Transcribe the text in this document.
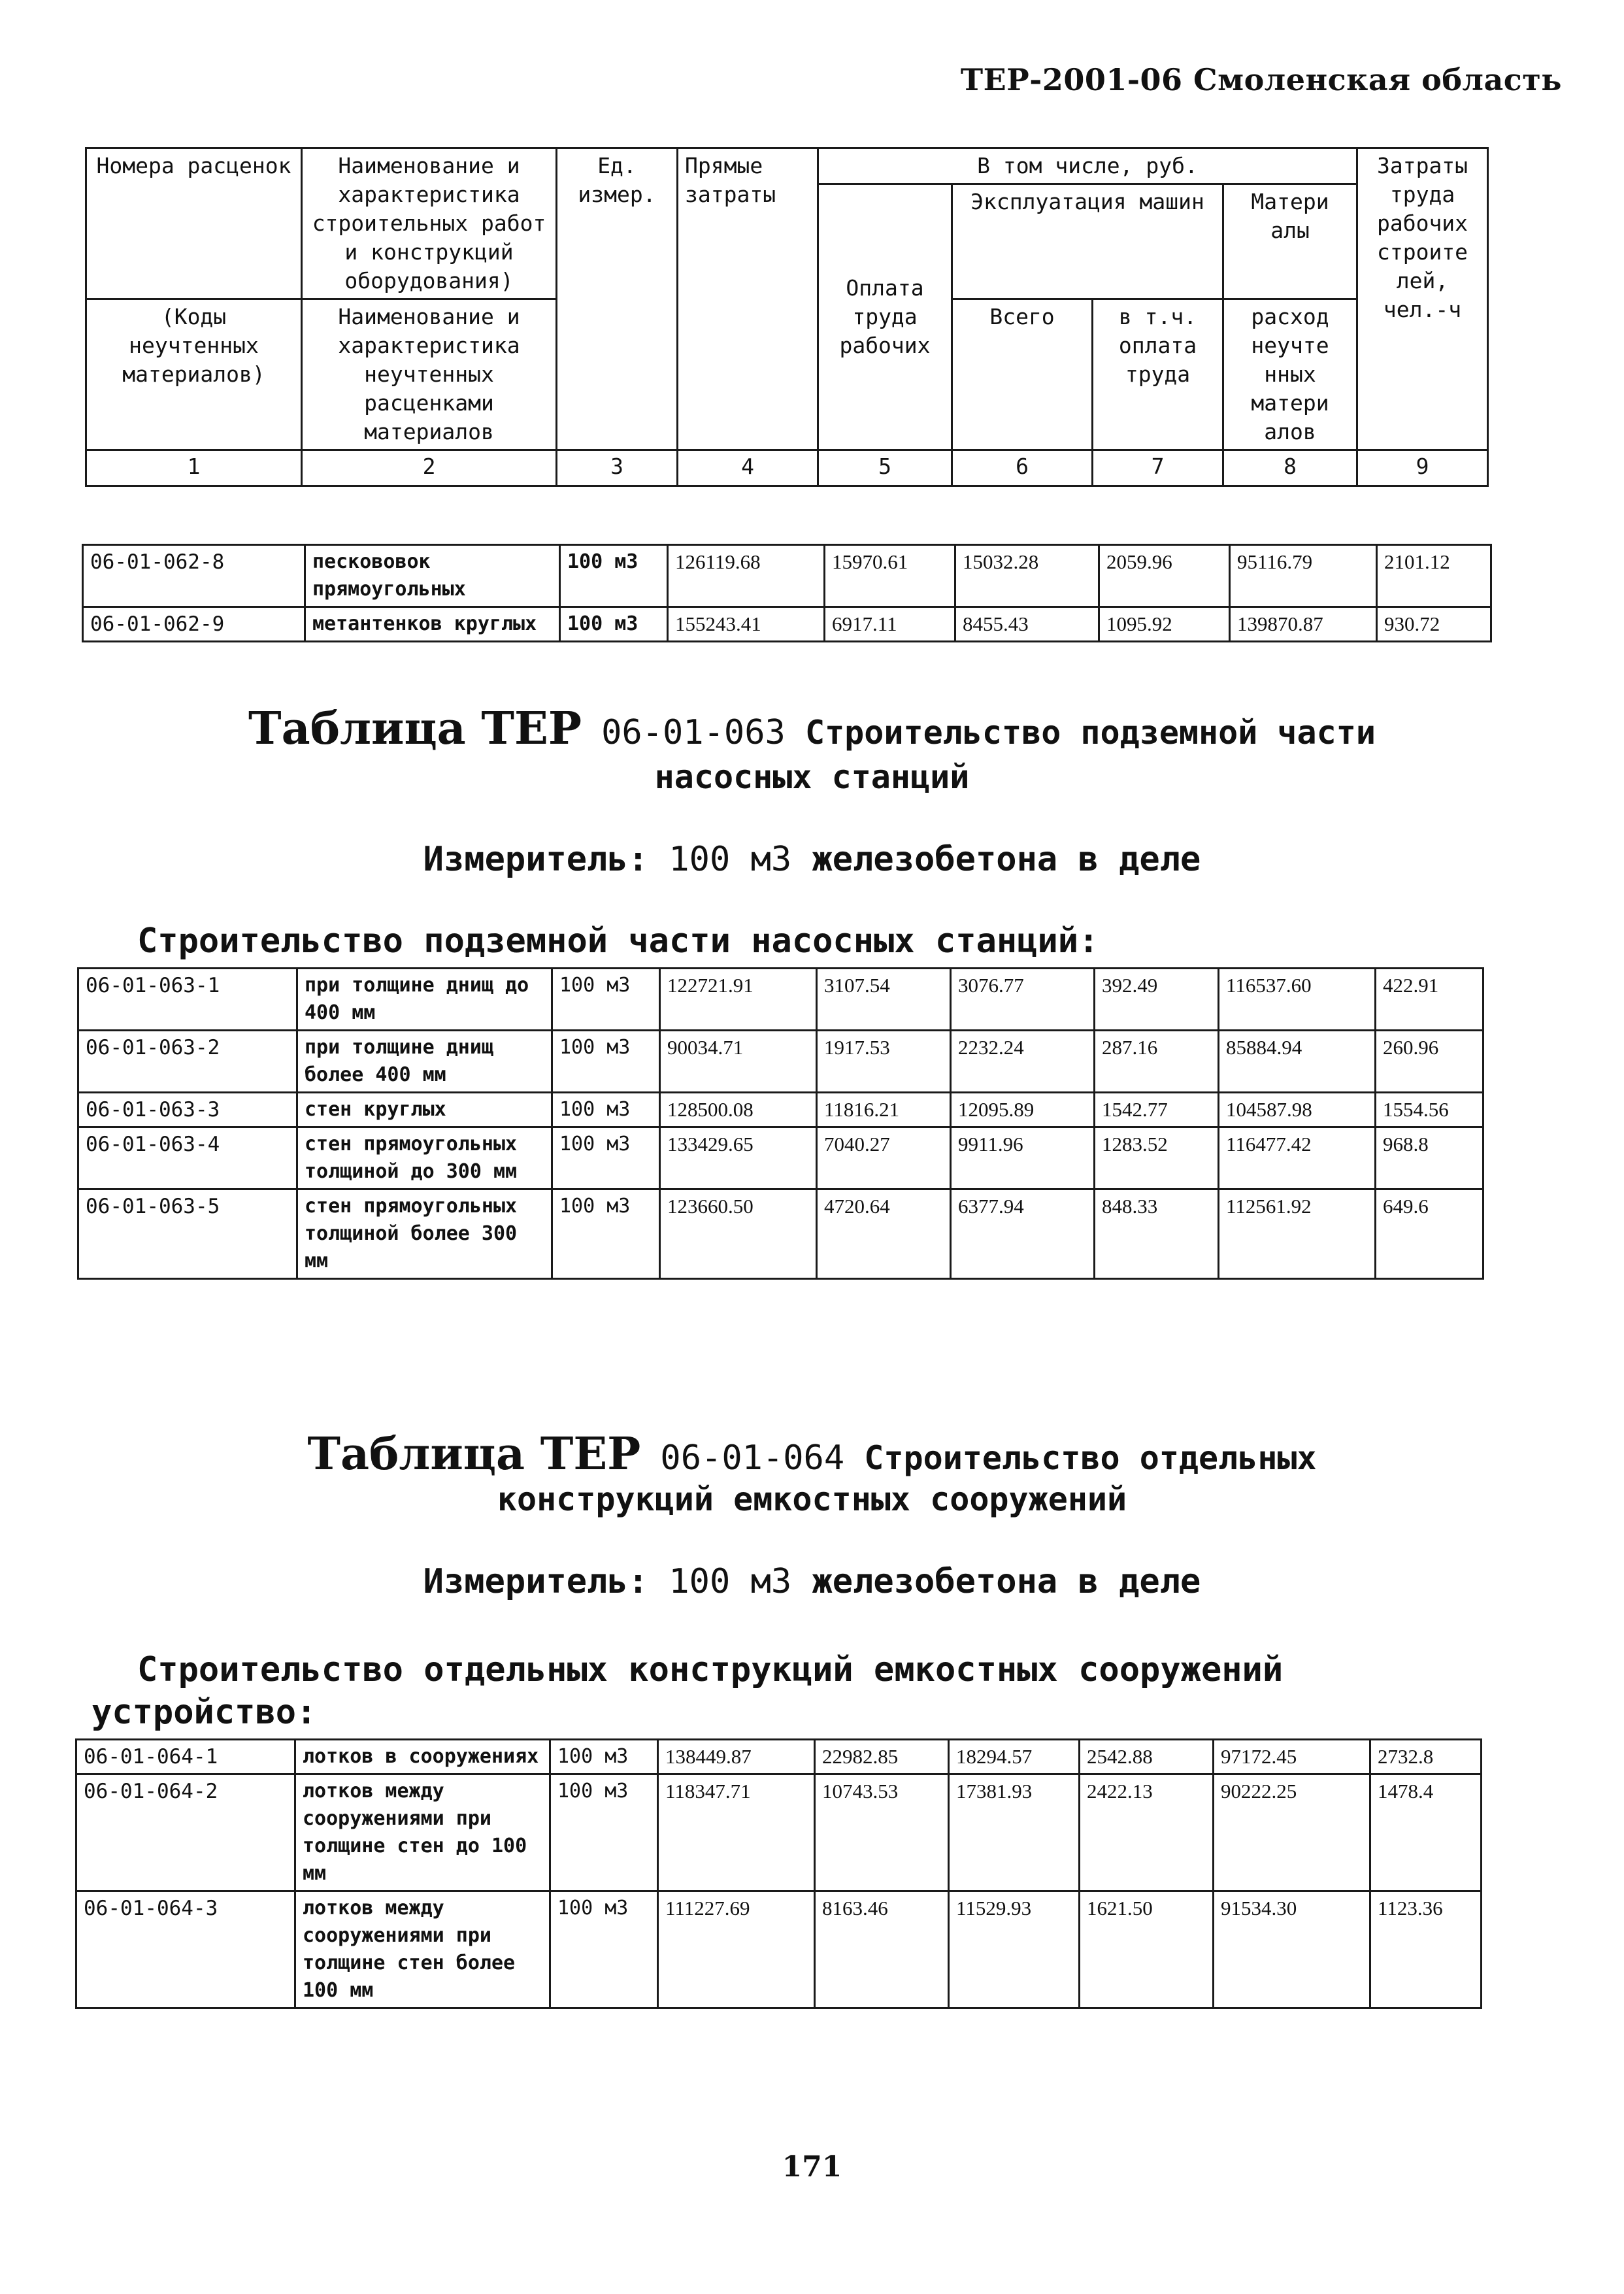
ТЕР-2001-06 Смоленская область
Номера расценок	Наименование и характеристика строительных работ и конструкций оборудования)	Ед. измер.	Прямые затраты	В том числе, руб.				Затраты труда рабочих строите лей, чел.-ч
				Оплата труда рабочих	Эксплуатация машин		Матери алы	
(Коды неучтенных материалов)	Наименование и характеристика неучтенных расценками материалов				Всего	в т.ч. оплата труда	расход неучте нных матери алов	
1	2	3	4	5	6	7	8	9
06-01-062-8	пескововок прямоугольных	100 м3	126119.68	15970.61	15032.28	2059.96	95116.79	2101.12
06-01-062-9	метантенков круглых	100 м3	155243.41	6917.11	8455.43	1095.92	139870.87	930.72
Таблица ТЕР 06-01-063 Строительство подземной части
насосных станций
Измеритель: 100 м3 железобетона в деле
Строительство подземной части насосных станций:
06-01-063-1	при толщине днищ до 400 мм	100 м3	122721.91	3107.54	3076.77	392.49	116537.60	422.91
06-01-063-2	при толщине днищ более 400 мм	100 м3	90034.71	1917.53	2232.24	287.16	85884.94	260.96
06-01-063-3	стен круглых	100 м3	128500.08	11816.21	12095.89	1542.77	104587.98	1554.56
06-01-063-4	стен прямоугольных толщиной до 300 мм	100 м3	133429.65	7040.27	9911.96	1283.52	116477.42	968.8
06-01-063-5	стен прямоугольных толщиной более 300 мм	100 м3	123660.50	4720.64	6377.94	848.33	112561.92	649.6
Таблица ТЕР 06-01-064 Строительство отдельных
конструкций емкостных сооружений
Измеритель: 100 м3 железобетона в деле
Строительство отдельных конструкций емкостных сооружений
устройство:
06-01-064-1	лотков в сооружениях	100 м3	138449.87	22982.85	18294.57	2542.88	97172.45	2732.8
06-01-064-2	лотков между сооружениями при толщине стен до 100 мм	100 м3	118347.71	10743.53	17381.93	2422.13	90222.25	1478.4
06-01-064-3	лотков между сооружениями при толщине стен более 100 мм	100 м3	111227.69	8163.46	11529.93	1621.50	91534.30	1123.36
171
